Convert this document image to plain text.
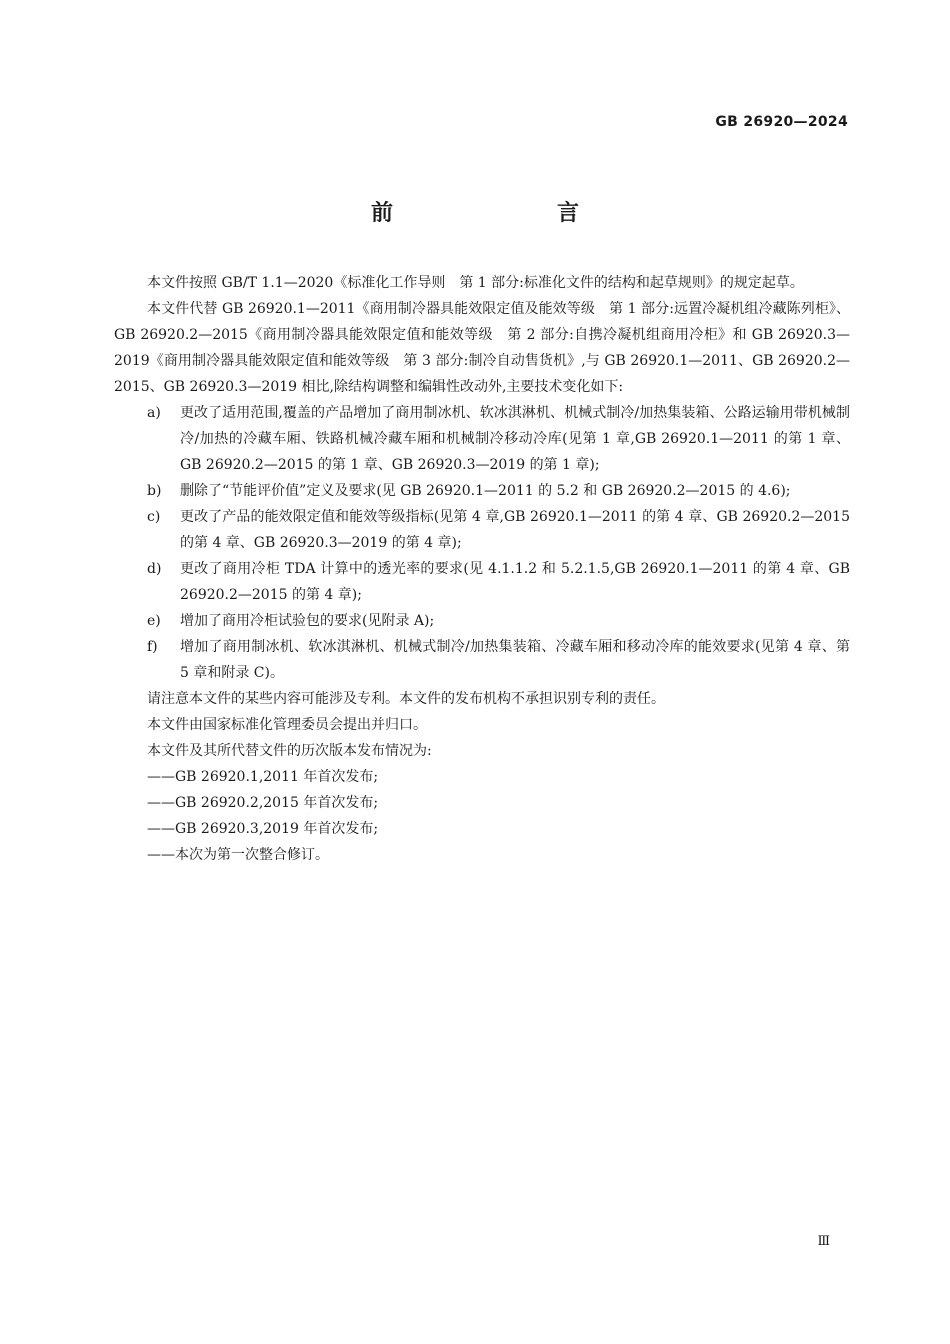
GB 26920—2024
前　　言

本文件按照 GB/T 1.1—2020《标准化工作导则　第 1 部分:标准化文件的结构和起草规则》的规定起草。

本文件代替 GB 26920.1—2011《商用制冷器具能效限定值及能效等级　第 1 部分:远置冷凝机组冷藏陈列柜》、GB 26920.2—2015《商用制冷器具能效限定值和能效等级　第 2 部分:自携冷凝机组商用冷柜》和 GB 26920.3—2019《商用制冷器具能效限定值和能效等级　第 3 部分:制冷自动售货机》,与 GB 26920.1—2011、GB 26920.2—2015、GB 26920.3—2019 相比,除结构调整和编辑性改动外,主要技术变化如下:

a) 更改了适用范围,覆盖的产品增加了商用制冰机、软冰淇淋机、机械式制冷/加热集装箱、公路运输用带机械制冷/加热的冷藏车厢、铁路机械冷藏车厢和机械制冷移动冷库(见第 1 章,GB 26920.1—2011 的第 1 章、GB 26920.2—2015 的第 1 章、GB 26920.3—2019 的第 1 章);
b) 删除了“节能评价值”定义及要求(见 GB 26920.1—2011 的 5.2 和 GB 26920.2—2015 的 4.6);
c) 更改了产品的能效限定值和能效等级指标(见第 4 章,GB 26920.1—2011 的第 4 章、GB 26920.2—2015 的第 4 章、GB 26920.3—2019 的第 4 章);
d) 更改了商用冷柜 TDA 计算中的透光率的要求(见 4.1.1.2 和 5.2.1.5,GB 26920.1—2011 的第 4 章、GB 26920.2—2015 的第 4 章);
e) 增加了商用冷柜试验包的要求(见附录 A);
f) 增加了商用制冰机、软冰淇淋机、机械式制冷/加热集装箱、冷藏车厢和移动冷库的能效要求(见第 4 章、第 5 章和附录 C)。

请注意本文件的某些内容可能涉及专利。本文件的发布机构不承担识别专利的责任。

本文件由国家标准化管理委员会提出并归口。

本文件及其所代替文件的历次版本发布情况为:

——GB 26920.1,2011 年首次发布;

——GB 26920.2,2015 年首次发布;

——GB 26920.3,2019 年首次发布;

——本次为第一次整合修订。

Ⅲ
